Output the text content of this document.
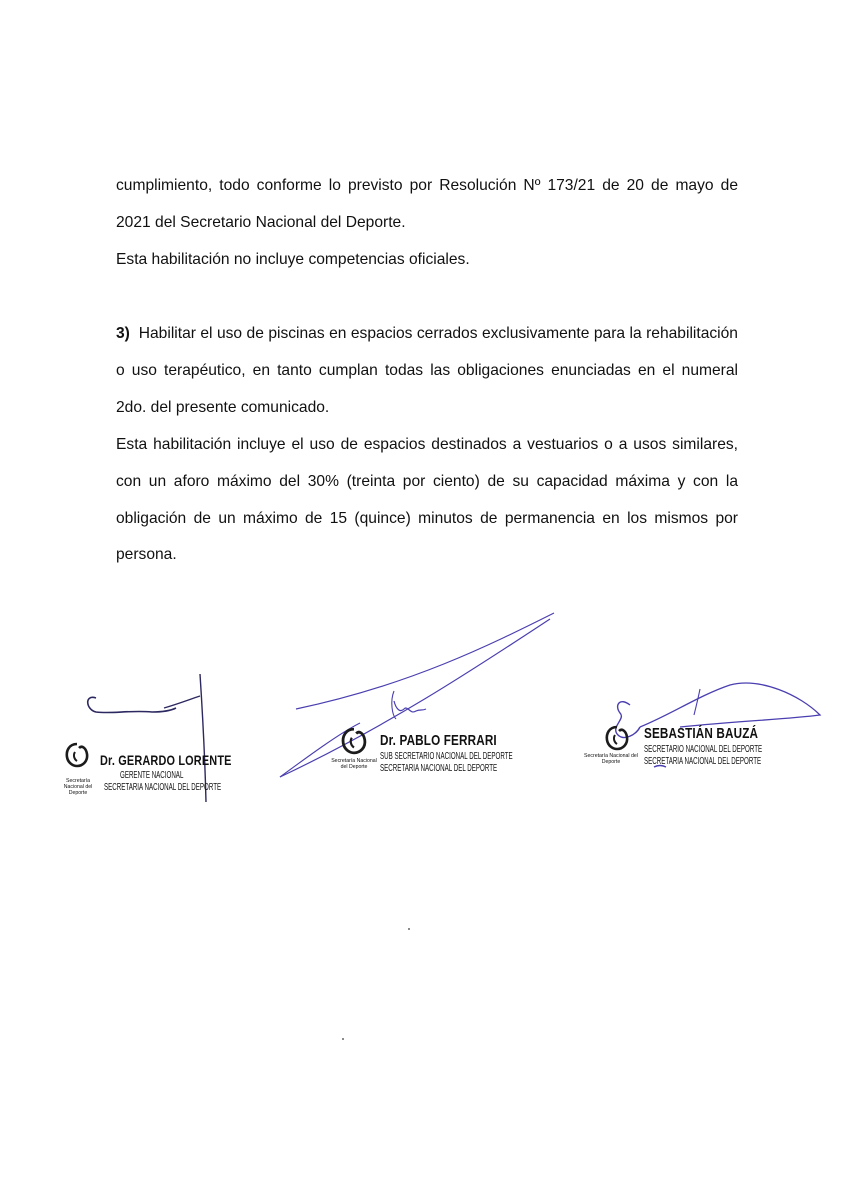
cumplimiento, todo conforme lo previsto por Resolución Nº 173/21 de 20 de mayo de 2021 del Secretario Nacional del Deporte.

Esta habilitación no incluye competencias oficiales.

3) Habilitar el uso de piscinas en espacios cerrados exclusivamente para la rehabilitación o uso terapéutico, en tanto cumplan todas las obligaciones enunciadas en el numeral 2do. del presente comunicado.

Esta habilitación incluye el uso de espacios destinados a vestuarios o a usos similares, con un aforo máximo del 30% (treinta por ciento) de su capacidad máxima y con la obligación de un máximo de 15 (quince) minutos de permanencia en los mismos por persona.

Secretaría Nacional del Deporte
Dr. GERARDO LORENTE
GERENTE NACIONAL
SECRETARIA NACIONAL DEL DEPORTE
Secretaría Nacional del Deporte
Dr. PABLO FERRARI
SUB SECRETARIO NACIONAL DEL DEPORTE
SECRETARIA NACIONAL DEL DEPORTE
Secretaría Nacional del Deporte
SEBASTIÁN BAUZÁ
SECRETARIO NACIONAL DEL DEPORTE
SECRETARIA NACIONAL DEL DEPORTE
